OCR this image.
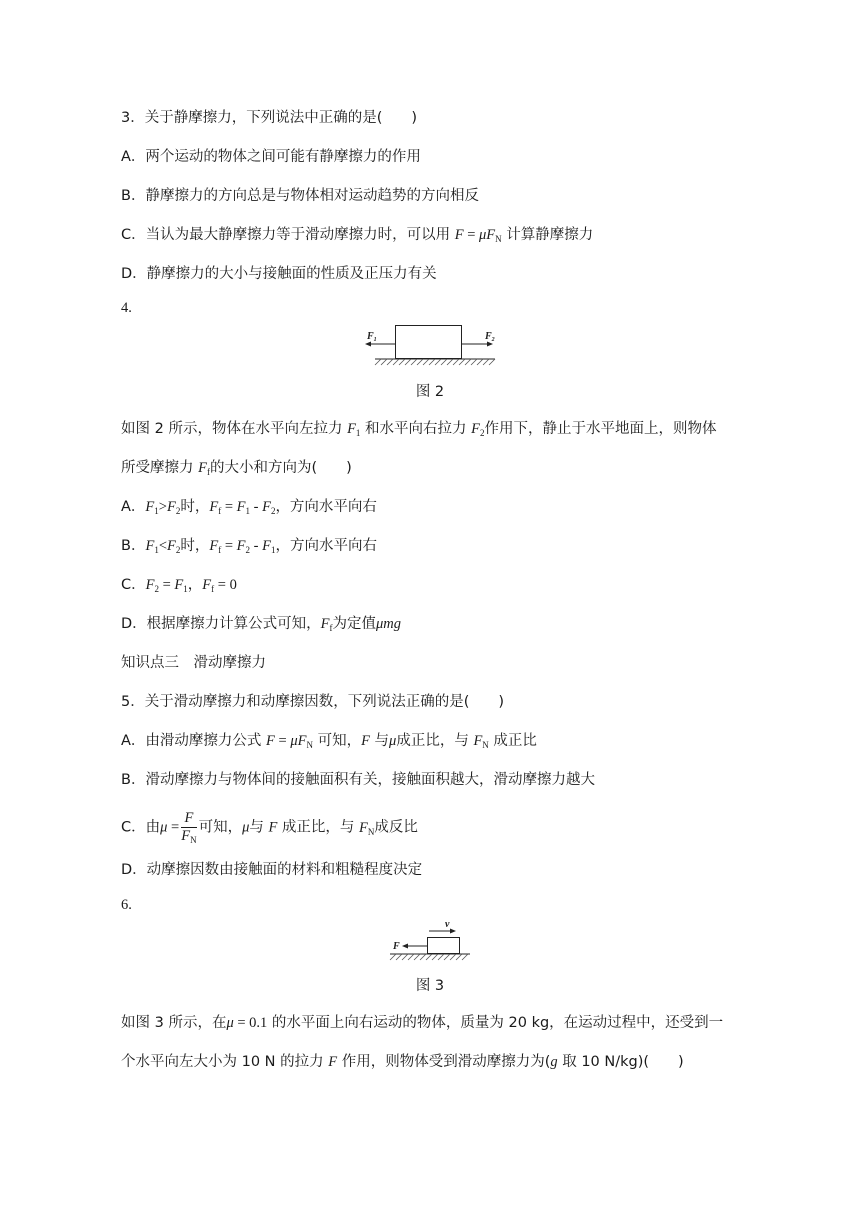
3．关于静摩擦力，下列说法中正确的是(　　)
A．两个运动的物体之间可能有静摩擦力的作用
B．静摩擦力的方向总是与物体相对运动趋势的方向相反
C．当认为最大静摩擦力等于滑动摩擦力时，可以用 $F = \mu F_N$ 计算静摩擦力
D．静摩擦力的大小与接触面的性质及正压力有关
4.
$F_1$	$F_2$
图 2
如图 2 所示，物体在水平向左拉力 $F_1$ 和水平向右拉力 $F_2$作用下，静止于水平地面上，则物体
所受摩擦力 $F_f$的大小和方向为(　　)
A．$F_1>F_2$时，$F_f = F_1 - F_2$，方向水平向右
B．$F_1<F_2$时，$F_f = F_2 - F_1$，方向水平向右
C．$F_2 = F_1$，$F_f = 0$
D．根据摩擦力计算公式可知，$F_f$为定值μmg
知识点三　滑动摩擦力
5．关于滑动摩擦力和动摩擦因数，下列说法正确的是(　　)
A．由滑动摩擦力公式 $F = \mu F_N$ 可知，F 与μ成正比，与 $F_N$ 成正比
B．滑动摩擦力与物体间的接触面积有关，接触面积越大，滑动摩擦力越大
C．由$\mu = \frac{F}{F_N}$ 可知，μ与 F 成正比，与 $F_N$成反比
D．动摩擦因数由接触面的材料和粗糙程度决定
6.
v
F
图 3
如图 3 所示，在μ = 0.1 的水平面上向右运动的物体，质量为 20 kg，在运动过程中，还受到一
个水平向左大小为 10 N 的拉力 F 作用，则物体受到滑动摩擦力为(g 取 10 N/kg)(　　)
